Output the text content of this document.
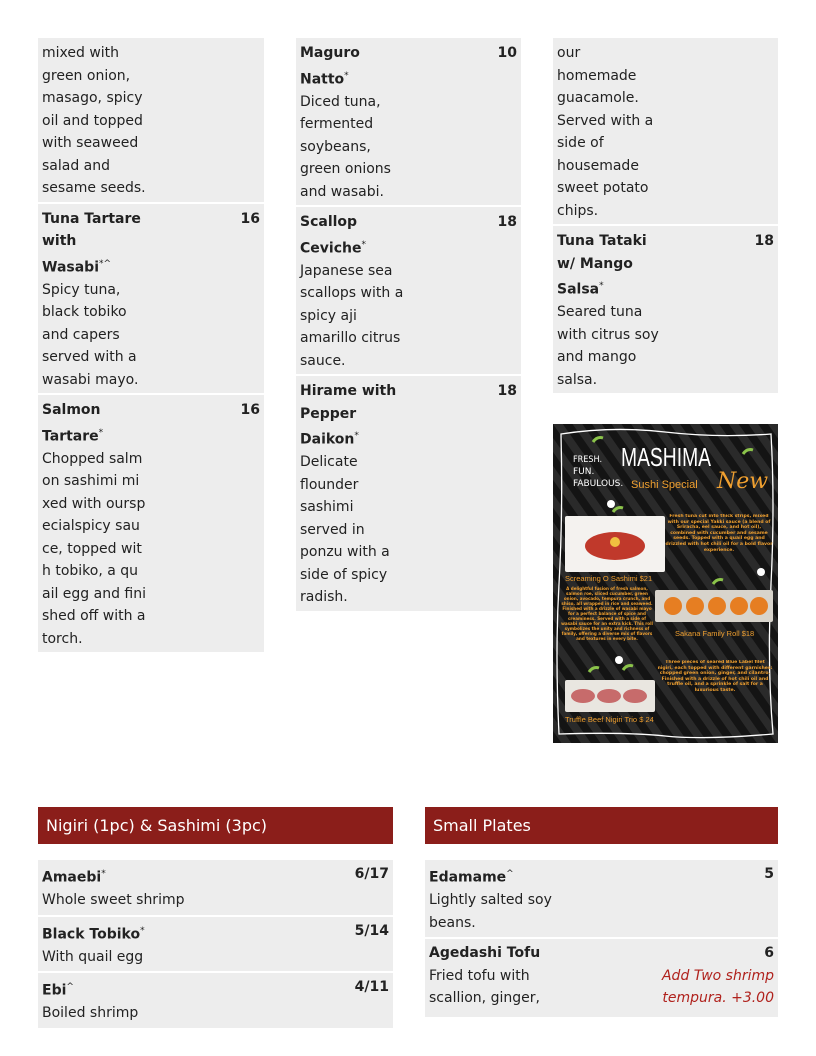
mixed with green onion, masago, spicy oil and topped with seaweed salad and sesame seeds.
Tuna Tartare with Wasabi*^
16
Spicy tuna, black tobiko and capers served with a wasabi mayo.
Salmon Tartare*
16
Chopped salmon sashimi mixed with ourspecialspicy sauce, topped with tobiko, a quail egg and finished off with a torch.
Maguro Natto*
10
Diced tuna, fermented soybeans, green onions and wasabi.
Scallop Ceviche*
18
Japanese sea scallops with a spicy aji amarillo citrus sauce.
Hirame with Pepper Daikon*
18
Delicate flounder sashimi served in ponzu with a side of spicy radish.
our homemade guacamole. Served with a side of housemade sweet potato chips.
Tuna Tataki w/ Mango Salsa*
18
Seared tuna with citrus soy and mango salsa.
FRESH.
FUN.
FABULOUS.
MASHIMA
Sushi Special New
Fresh tuna cut into thick strips, mixed with our special Yakki sauce (a blend of Sriracha, eel sauce, and hot oil), combined with cucumber and sesame seeds. Topped with a quail egg and drizzled with hot chili oil for a bold flavor experience.
Screaming O Sashimi $21
A delightful fusion of fresh salmon, salmon roe, sliced cucumber, green onion, avocado, tempura crunch, and shiso, all wrapped in rice and seaweed. Finished with a drizzle of wasabi mayo for a perfect balance of spice and creaminess. Served with a side of wasabi sauce for an extra kick. This roll symbolizes the unity and richness of family, offering a diverse mix of flavors and textures in every bite.
Sakana Family Roll $18
Three pieces of seared Blue Label filet nigiri, each topped with different garnishes: chopped green onion, ginger, and cilantro. Finished with a drizzle of hot chili oil and truffle oil, and a sprinkle of salt for a luxurious taste.
Truffle Beef Nigiri Trio $ 24
Nigiri (1pc) & Sashimi (3pc)
Amaebi*	6/17
Whole sweet shrimp
Black Tobiko*	5/14
With quail egg
Ebi^	4/11
Boiled shrimp
Small Plates
Edamame^	5
Lightly salted soy beans.
Agedashi Tofu	6
Fried tofu with scallion, ginger,
Add Two shrimp tempura. +3.00
